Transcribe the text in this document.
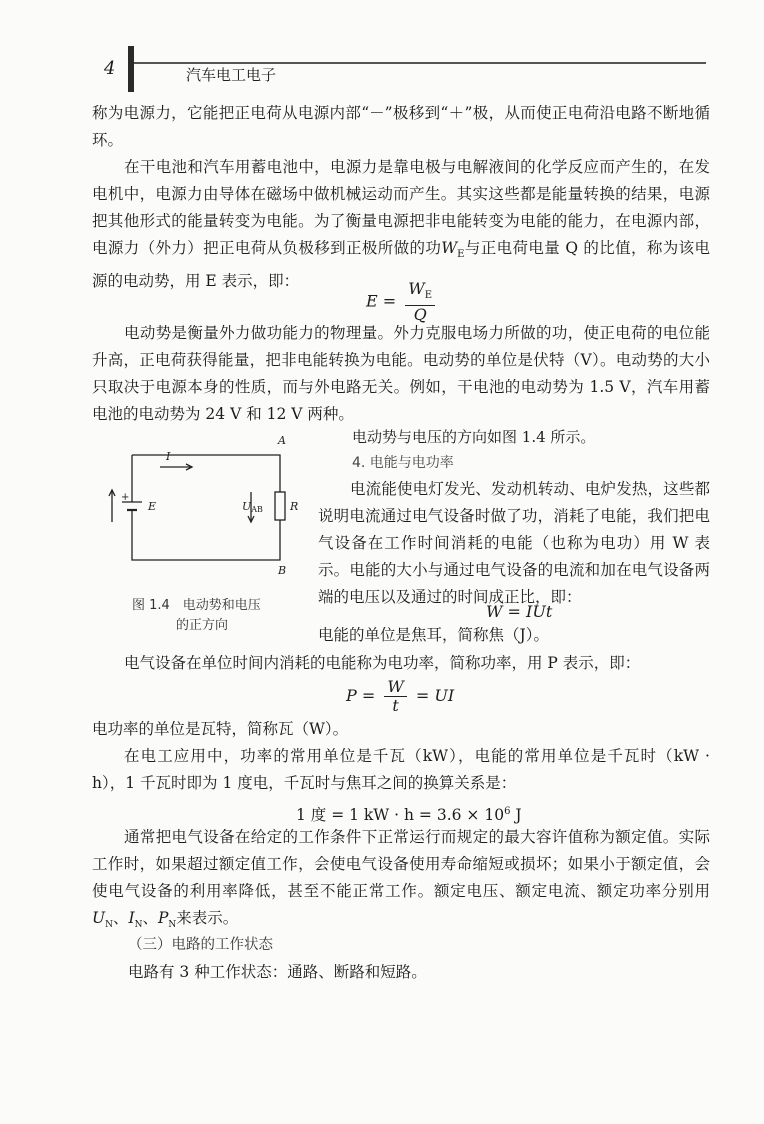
4	汽车电工电子

称为电源力，它能把正电荷从电源内部“－”极移到“＋”极，从而使正电荷沿电路不断地循环。

在干电池和汽车用蓄电池中，电源力是靠电极与电解液间的化学反应而产生的，在发电机中，电源力由导体在磁场中做机械运动而产生。其实这些都是能量转换的结果，电源把其他形式的能量转变为电能。为了衡量电源把非电能转变为电能的能力，在电源内部，电源力（外力）把正电荷从负极移到正极所做的功$W_E$与正电荷电量 Q 的比值，称为该电源的电动势，用 E 表示，即：

$E = \frac{W_E}{Q}$

电动势是衡量外力做功能力的物理量。外力克服电场力所做的功，使正电荷的电位能升高，正电荷获得能量，把非电能转换为电能。电动势的单位是伏特（V）。电动势的大小只取决于电源本身的性质，而与外电路无关。例如，干电池的电动势为 1.5 V，汽车用蓄电池的电动势为 24 V 和 12 V 两种。

A
B
I
E	R
UAB
+
图 1.4　电动势和电压
的正方向
电动势与电压的方向如图 1.4 所示。
4. 电能与电功率

电流能使电灯发光、发动机转动、电炉发热，这些都说明电流通过电气设备时做了功，消耗了电能，我们把电气设备在工作时间消耗的电能（也称为电功）用 W 表示。电能的大小与通过电气设备的电流和加在电气设备两端的电压以及通过的时间成正比，即：

W = IUt
电能的单位是焦耳，简称焦（J）。

电气设备在单位时间内消耗的电能称为电功率，简称功率，用 P 表示，即：

$P = \frac{W}{t}$ = UI

电功率的单位是瓦特，简称瓦（W）。

在电工应用中，功率的常用单位是千瓦（kW），电能的常用单位是千瓦时（kW · h），1 千瓦时即为 1 度电，千瓦时与焦耳之间的换算关系是：

1 度 = 1 kW · $h = 3.6 \times 10^6$ J

通常把电气设备在给定的工作条件下正常运行而规定的最大容许值称为额定值。实际工作时，如果超过额定值工作，会使电气设备使用寿命缩短或损坏；如果小于额定值，会使电气设备的利用率降低，甚至不能正常工作。额定电压、额定电流、额定功率分别用$U_N$、$I_N$、$P_N$来表示。

（三）电路的工作状态
电路有 3 种工作状态：通路、断路和短路。
